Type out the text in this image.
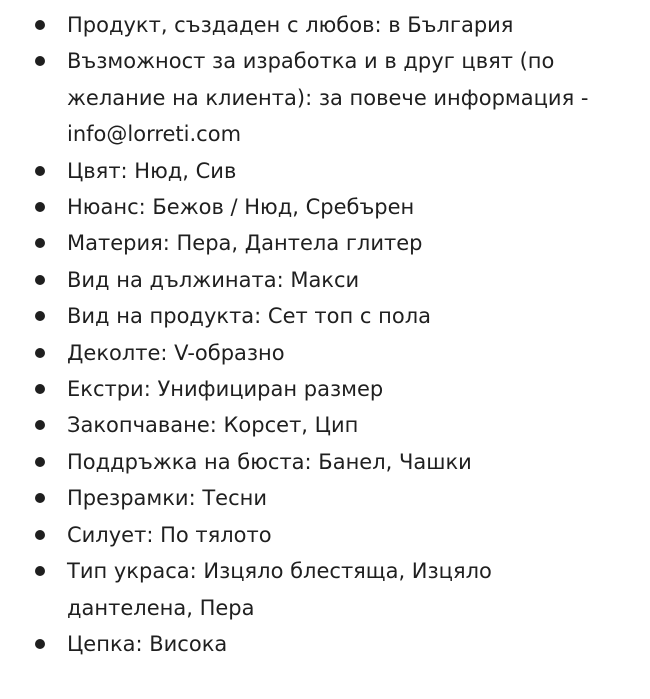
Продукт, създаден с любов: в България
Възможност за изработка и в друг цвят (по
желание на клиента): за повече информация -
info@lorreti.com
Цвят: Нюд, Сив
Нюанс: Бежов / Нюд, Сребърен
Материя: Пера, Дантела глитер
Вид на дължината: Макси
Вид на продукта: Сет топ с пола
Деколте: V-образно
Екстри: Унифициран размер
Закопчаване: Корсет, Цип
Поддръжка на бюста: Банел, Чашки
Презрамки: Тесни
Силует: По тялото
Тип украса: Изцяло блестяща, Изцяло
дантелена, Пера
Цепка: Висока
